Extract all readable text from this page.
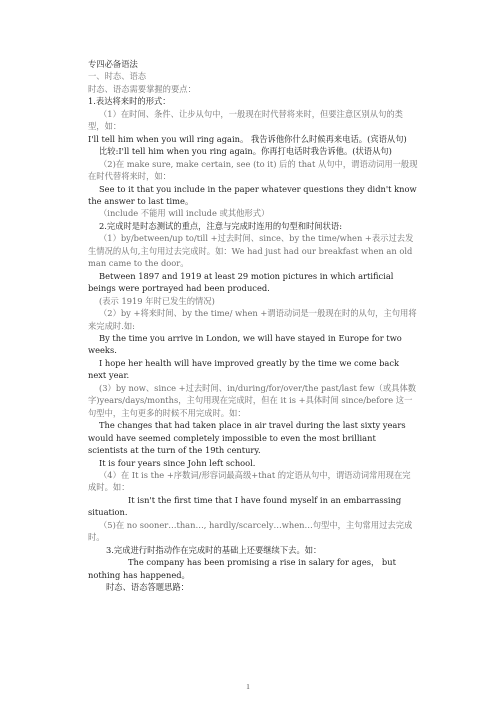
专四必备语法

一、时态、语态

时态、语态需要掌握的要点：

1.表达将来时的形式：

（1）在时间、条件、让步从句中，一般现在时代替将来时，但要注意区别从句的类型，如：

I'll tell him when you will ring again。 我告诉他你什么时候再来电话。(宾语从句)

比较:I'll tell him when you ring again。你再打电话时我告诉他。(状语从句)

（2)在 make sure, make certain, see (to it) 后的 that 从句中，谓语动词用一般现在时代替将来时，如：

See to it that you include in the paper whatever questions they didn't know the answer to last time。

（include 不能用 will include 或其他形式）

2.完成时是时态测试的重点，注意与完成时连用的句型和时间状语:

（1）by/between/up to/till +过去时间、since、by the time/when +表示过去发生情况的从句,主句用过去完成时。如：We had just had our breakfast when an old man came to the door。

Between 1897 and 1919 at least 29 motion pictures in which artificial beings were portrayed had been produced.

(表示 1919 年时已发生的情况)

（2）by +将来时间、by the time/ when +谓语动词是一般现在时的从句，主句用将来完成时.如:

By the time you arrive in London, we will have stayed in Europe for two weeks.

I hope her health will have improved greatly by the time we come back next year.

(3）by now、since +过去时间、in/during/for/over/the past/last few（或具体数字)years/days/months，主句用现在完成时，但在 it is +具体时间 since/before 这一句型中，主句更多的时候不用完成时。如：

The changes that had taken place in air travel during the last sixty years would have seemed completely impossible to even the most brilliant scientists at the turn of the 19th century.

It is four years since John left school.

（4）在 It is the +序数词/形容词最高级+that 的定语从句中，谓语动词常用现在完成时。如：

It isn't the first time that I have found myself in an embarrassing situation.

（5)在 no sooner…than…, hardly/scarcely…when…句型中，主句常用过去完成时。

3.完成进行时指动作在完成时的基础上还要继续下去。如：

The company has been promising a rise in salary for ages， but nothing has happened。

时态、语态答题思路：

1
